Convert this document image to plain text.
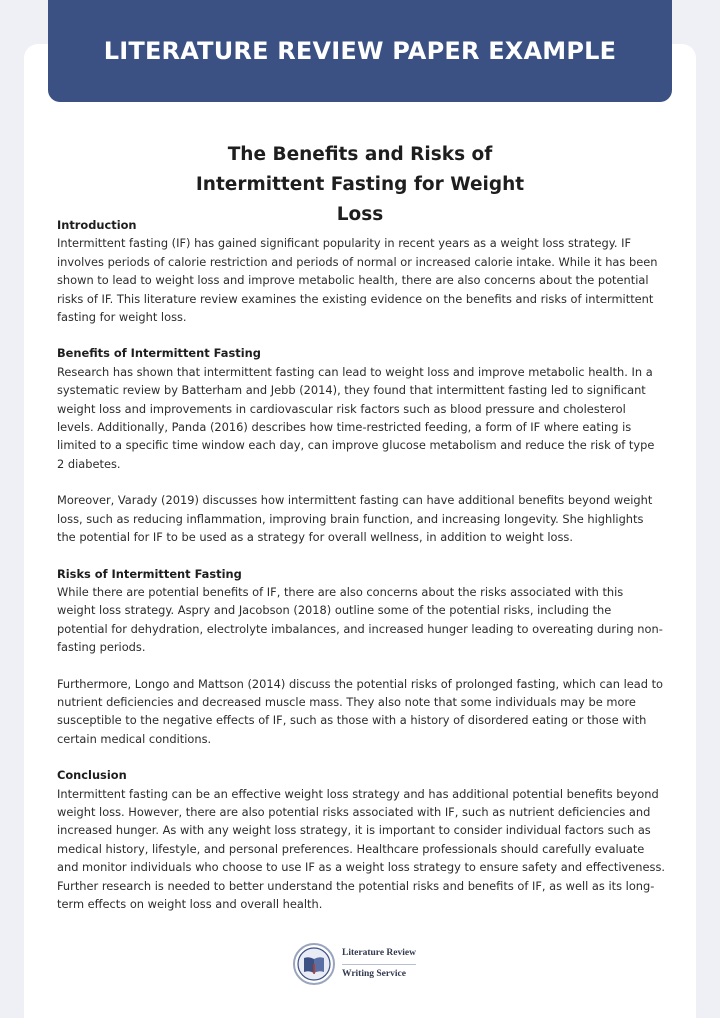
LITERATURE REVIEW PAPER EXAMPLE
The Benefits and Risks of Intermittent Fasting for Weight Loss
Introduction

Intermittent fasting (IF) has gained significant popularity in recent years as a weight loss strategy. IF involves periods of calorie restriction and periods of normal or increased calorie intake. While it has been shown to lead to weight loss and improve metabolic health, there are also concerns about the potential risks of IF. This literature review examines the existing evidence on the benefits and risks of intermittent fasting for weight loss.

Benefits of Intermittent Fasting

Research has shown that intermittent fasting can lead to weight loss and improve metabolic health. In a systematic review by Batterham and Jebb (2014), they found that intermittent fasting led to significant weight loss and improvements in cardiovascular risk factors such as blood pressure and cholesterol levels. Additionally, Panda (2016) describes how time-restricted feeding, a form of IF where eating is limited to a specific time window each day, can improve glucose metabolism and reduce the risk of type 2 diabetes.

Moreover, Varady (2019) discusses how intermittent fasting can have additional benefits beyond weight loss, such as reducing inflammation, improving brain function, and increasing longevity. She highlights the potential for IF to be used as a strategy for overall wellness, in addition to weight loss.

Risks of Intermittent Fasting

While there are potential benefits of IF, there are also concerns about the risks associated with this weight loss strategy. Aspry and Jacobson (2018) outline some of the potential risks, including the potential for dehydration, electrolyte imbalances, and increased hunger leading to overeating during non-fasting periods.

Furthermore, Longo and Mattson (2014) discuss the potential risks of prolonged fasting, which can lead to nutrient deficiencies and decreased muscle mass. They also note that some individuals may be more susceptible to the negative effects of IF, such as those with a history of disordered eating or those with certain medical conditions.

Conclusion

Intermittent fasting can be an effective weight loss strategy and has additional potential benefits beyond weight loss. However, there are also potential risks associated with IF, such as nutrient deficiencies and increased hunger. As with any weight loss strategy, it is important to consider individual factors such as medical history, lifestyle, and personal preferences. Healthcare professionals should carefully evaluate and monitor individuals who choose to use IF as a weight loss strategy to ensure safety and effectiveness. Further research is needed to better understand the potential risks and benefits of IF, as well as its long-term effects on weight loss and overall health.

Literature Review
Writing Service
